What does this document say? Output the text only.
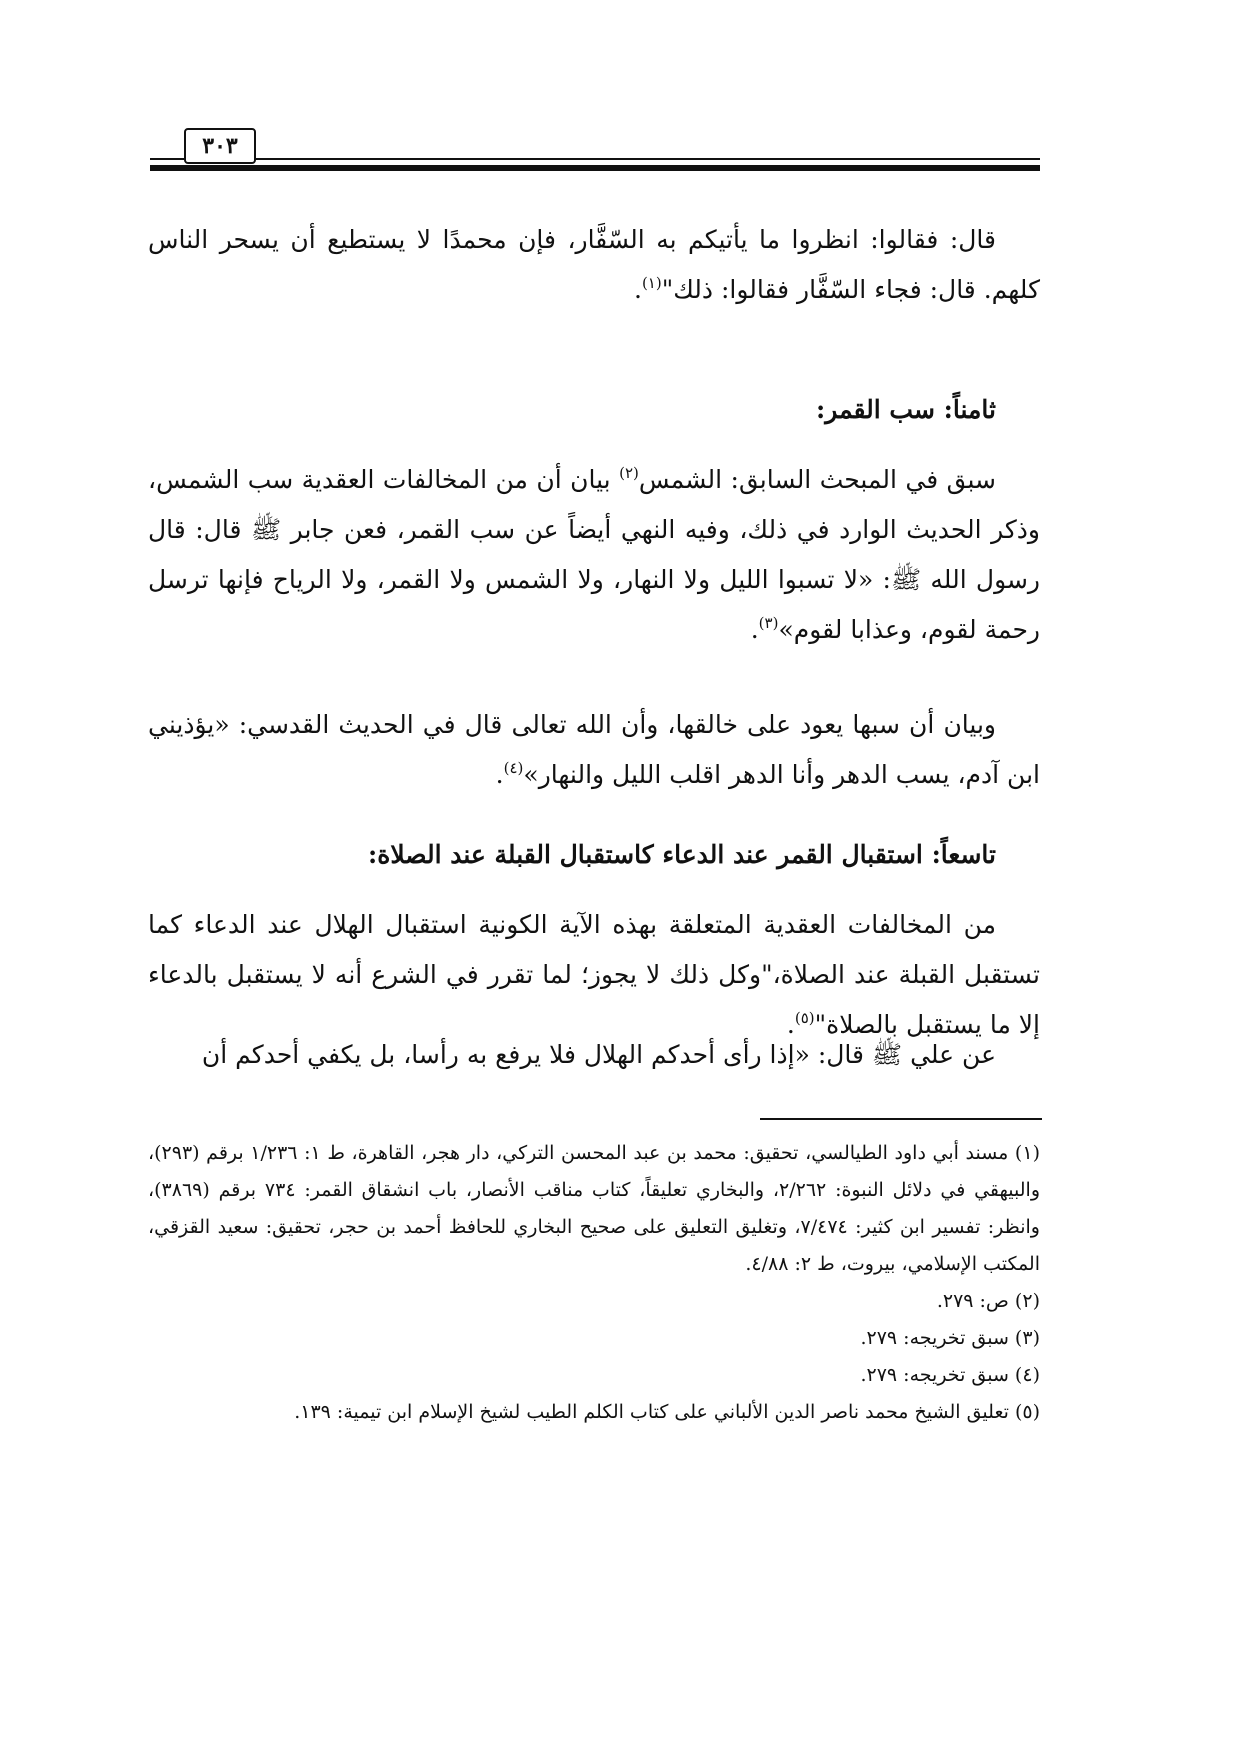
٣٠٣

قال: فقالوا: انظروا ما يأتيكم به السّفَّار، فإن محمدًا لا يستطيع أن يسحر الناس كلهم. قال: فجاء السّفَّار فقالوا: ذلك"$^{(١)}$.

ثامناً: سب القمر:

سبق في المبحث السابق: الشمس$^{(٢)}$ بيان أن من المخالفات العقدية سب الشمس، وذكر الحديث الوارد في ذلك، وفيه النهي أيضاً عن سب القمر، فعن جابر ﷺ قال: قال رسول الله ﷺ: «لا تسبوا الليل ولا النهار، ولا الشمس ولا القمر، ولا الرياح فإنها ترسل رحمة لقوم، وعذابا لقوم»$^{(٣)}$.

وبيان أن سبها يعود على خالقها، وأن الله تعالى قال في الحديث القدسي: «يؤذيني ابن آدم، يسب الدهر وأنا الدهر اقلب الليل والنهار»$^{(٤)}$.

تاسعاً: استقبال القمر عند الدعاء كاستقبال القبلة عند الصلاة:

من المخالفات العقدية المتعلقة بهذه الآية الكونية استقبال الهلال عند الدعاء كما تستقبل القبلة عند الصلاة،"وكل ذلك لا يجوز؛ لما تقرر في الشرع أنه لا يستقبل بالدعاء إلا ما يستقبل بالصلاة"$^{(٥)}$.

عن علي ﷺ قال: «إذا رأى أحدكم الهلال فلا يرفع به رأسا، بل يكفي أحدكم أن

(١) مسند أبي داود الطيالسي، تحقيق: محمد بن عبد المحسن التركي، دار هجر، القاهرة، ط ١: ١/٢٣٦ برقم (٢٩٣)، والبيهقي في دلائل النبوة: ٢/٢٦٢، والبخاري تعليقاً، كتاب مناقب الأنصار، باب انشقاق القمر: ٧٣٤ برقم (٣٨٦٩)، وانظر: تفسير ابن كثير: ٧/٤٧٤، وتغليق التعليق على صحيح البخاري للحافظ أحمد بن حجر، تحقيق: سعيد القزقي، المكتب الإسلامي، بيروت، ط ٢: ٤/٨٨.

(٢) ص: ٢٧٩.

(٣) سبق تخريجه: ٢٧٩.

(٤) سبق تخريجه: ٢٧٩.

(٥) تعليق الشيخ محمد ناصر الدين الألباني على كتاب الكلم الطيب لشيخ الإسلام ابن تيمية: ١٣٩.
